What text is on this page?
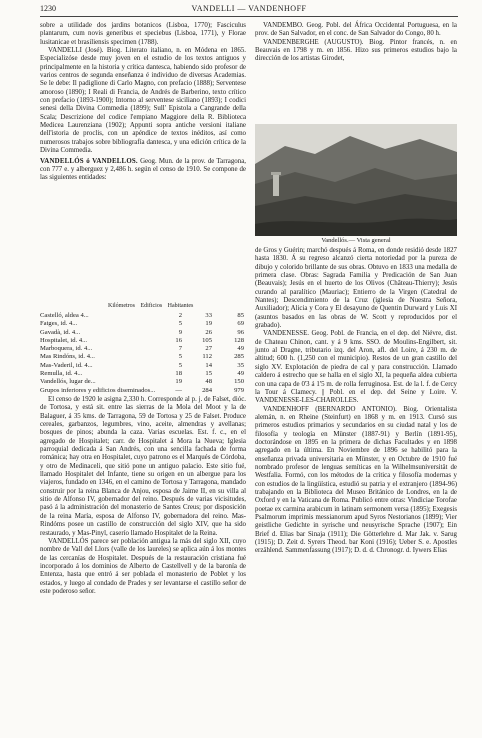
1230	VANDELLI — VANDENHOFF

sobre a utilidade dos jardins botanicos (Lisboa, 1770); Fasciculus plantarum, cum novis generibus et speciebus (Lisboa, 1771), y Florae lusitanicae et brasiliensis specimen (1788).

VANDELLI (José). Biog. Literato italiano, n. en Módena en 1865. Especializóse desde muy joven en el estudio de los textos antiguos y principalmente en la historia y crítica dantesca, habiendo sido profesor de varios centros de segunda enseñanza é individuo de diversas Academias. Se le debe: Il padiglione di Carlo Magno, con prefacio (1888); Serventese amoroso (1890); I Reali di Francia, de Andrés de Barberino, texto crítico con prefacio (1893-1900); Intorno al serventese siciliano (1893); I codici senesi della Divina Commedia (1899); Sull' Epistola a Cangrande della Scala; Descrizione del codice l'empiano Maggiore della R. Biblioteca Medicea Laurenziana (1902); Appunti sopra antiche versioni italiane dell'istoria de proclis, con un apéndice de textos inéditos, así como numerosos trabajos sobre bibliografía dantesca, y una edición crítica de la Divina Commedia.

VANDELLÓS ó VANDELLOS. Geog. Mun. de la prov. de Tarragona, con 777 e. y alberguez y 2,486 h. según el censo de 1910. Se compone de las siguientes entidades:

Kilómetros Edificios Habitantes
Castelló, aldea 4...	2	33	85
Fatges, id. 4...	5	19	69
Gavadà, id. 4...	9	26	96
Hospitalet, id. 4...	16	105	128
Marboquera, id. 4...	7	27	49
Mas Rindóns, id. 4...	5	112	285
Mas-Vaderil, id. 4...	5	14	35
Remulla, id. 4...	18	15	49
Vandellós, lugar de...	19	48	150
Grupos inferiores y edificios diseminados...	—	284	979

El censo de 1920 le asigna 2,330 h. Corresponde al p. j. de Falset, dióc. de Tortosa, y está sit. entre las sierras de la Mola del Moot y la de Balaguer, á 35 kms. de Tarragona, 59 de Tortosa y 25 de Falset. Produce cereales, garbanzos, legumbres, vino, aceite, almendras y avellanas; bosques de pinos; abunda la caza. Varias escuelas. Est. f. c., en el agregado de Hospitalet; carr. de Hospitalet á Mora la Nueva; Iglesia parroquial dedicada á San Andrés, con una sencilla fachada de forma románica; hay otra en Hospitalet, cuyo patrono es el Marqués de Córdoba, y otro de Medinaceli, que sitió pone un antiguo palacio. Este sitio fué, llamado Hospitalet del Infante, tiene su origen en un albergue para los viajeros, fundado en 1346, en el camino de Tortosa y Tarragona, mandado construir por la reina Blanca de Anjou, esposa de Jaime II, en su villa al sitio de Alfonso IV, gobernador del reino. Después de varias vicisitudes, pasó á la administración del monasterio de Santes Creus; por disposición de la reina María, esposa de Alfonso IV, gobernadora del reino. Mas-Rindóms posee un castillo de construcción del siglo XIV, que ha sido restaurado, y Mas-Pinyl, caserío llamado Hospitalet de la Reina.

VANDELLÓS parece ser población antigua la más del siglo XII, cuyo nombre de Vall del Llors (valle de los laureles) se aplica aún á los montes de las cercanías de Hospitalet. Después de la restauración cristiana fué incorporado á los dominios de Alberto de Castellvell y de la baronía de Entenza, hasta que entró á ser poblada el monasterio de Poblet y los estados, y luego al condado de Prades y ser levantarse el castillo señor de este poderoso señor.

VANDEMBO. Geog. Pobl. del África Occidental Portuguesa, en la prov. de San Salvador, en el conc. de San Salvador do Congo, 80 h.

VANDENBERGHE (AUGUSTO). Biog. Pintor francés, n. en Beauvais en 1798 y m. en 1856. Hizo sus primeros estudios bajo la dirección de los artistas Girodet,

Vandellós.— Vista general

de Gros y Guérin; marchó después á Roma, en donde residió desde 1827 hasta 1830. Á su regreso alcanzó cierta notoriedad por la pureza de dibujo y colorido brillante de sus obras. Obtuvo en 1833 una medalla de primera clase. Obras: Sagrada Familia y Predicación de San Juan (Beauvais); Jesús en el huerto de los Olivos (Château-Thierry); Jesús curando al paralítico (Mauriac); Entierro de la Virgen (Catedral de Nantes); Descendimiento de la Cruz (iglesia de Nuestra Señora, Auxiliador); Alicia y Cora y El desayuno de Quentin Durward y Luis XI (asuntos basados en las obras de W. Scott y reproducidos por el grabado).

VANDENESSE. Geog. Pobl. de Francia, en el dep. del Niévre, dist. de Chateau Chinon, cant. y á 9 kms. SSO. de Moulins-Engilbert, sit. junto al Dragne, tributario izq. del Aron, afl. del Loire, á 230 m. de altitud; 600 h. (1,250 con el municipio). Restos de un gran castillo del siglo XV. Explotación de piedra de cal y para construcción. Llamado caldero á estrecho que se halla en el siglo XI, la pequeña aldea cubierta con una capa de 0'3 á 1'5 m. de rolla ferruginosa. Est. de la l. f. de Cercy la Tour á Clamecy. || Pobl. en el dep. del Seine y Loire. V. VANDENESSE-LES-CHAROLLES.

VANDENHOFF (BERNARDO ANTONIO). Biog. Orientalista alemán, n. en Rheine (Steinfurt) en 1868 y m. en 1913. Cursó sus primeros estudios primarios y secundarios en su ciudad natal y los de filosofía y teología en Münster (1887-91) y Berlín (1891-95), doctorándose en 1895 en la primera de dichas Facultades y en 1898 agregado en la última. En Noviembre de 1896 se habilitó para la enseñanza privada universitaria en Münster, y en Octubre de 1910 fué nombrado profesor de lenguas semíticas en la Wilhelmsuniversität de Westfalia. Formó, con los métodos de la crítica y filosofía modernas y con estudios de la lingüística, estudió su patria y el extranjero (1894-96) trabajando en la Biblioteca del Museo Británico de Londres, en la de Oxford y en la Vaticana de Roma. Publicó entre otras: Vindiciae Torofae poetae ex carmina arabicum in latinam sermonem versa (1895); Exegesis Psalmorum imprimis messianorum apud Syros Nestorianos (1899); Vier geistliche Gedichte in syrische und neusyrische Sprache (1907); Ein Brief d. Elias bar Sinaja (1911); Die Götterlehre d. Mar Jak. v. Sarug (1915); D. Zeit d. Syrers Theod. bar Koni (1916); Ueber S. e. Apostles erzählend. Sammenfassung (1917); D. d. d. Chronogr. d. Iywers Elias
